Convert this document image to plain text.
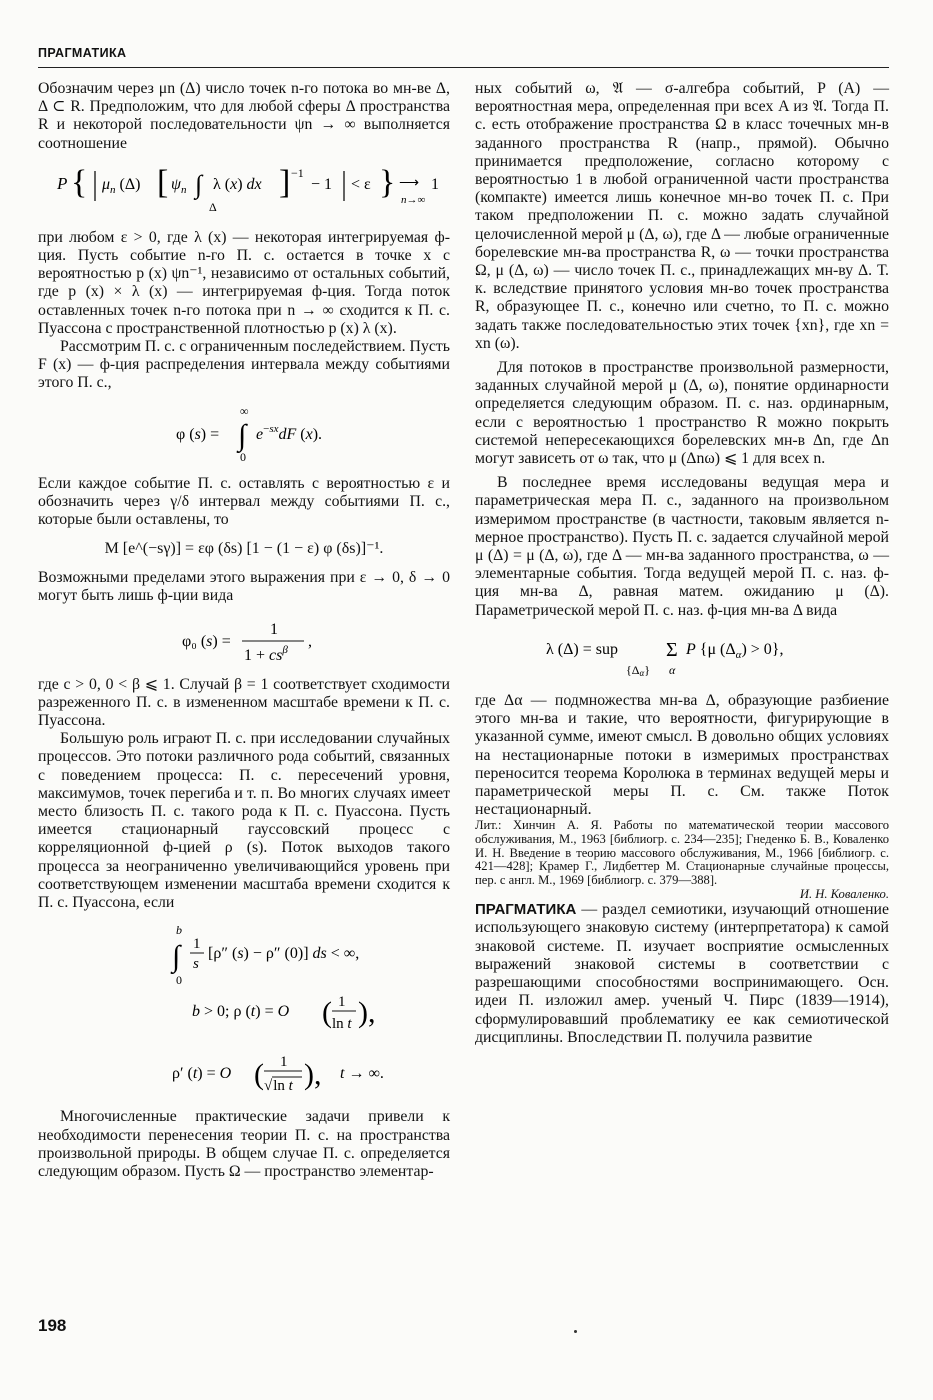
ПРАГМАТИКА

Обозначим через μn (Δ) число точек n-го потока во мн-ве Δ, Δ ⊂ R. Предположим, что для любой сферы Δ пространства R и некоторой последовательности ψn → ∞ выполняется соотношение

P { $\mu_n$ (Δ) [ $\psi_n$ ∫
Δ
λ (x) dx ] −1
− 1 < ε } ⟶
n→∞
1

при любом ε > 0, где λ (x) — некоторая интегрируемая ф-ция. Пусть событие n-го П. с. остается в точке x с вероятностью p (x) ψn⁻¹, независимо от остальных событий, где p (x) × λ (x) — интегрируемая ф-ция. Тогда поток оставленных точек n-го потока при n → ∞ сходится к П. с. Пуассона с пространственной плотностью p (x) λ (x).

Рассмотрим П. с. с ограниченным последействием. Пусть F (x) — ф-ция распределения интервала между событиями этого П. с.,

φ (s) =
∞
∫
0
$e^{-sx}dF$ (x).

Если каждое событие П. с. оставлять с вероятностью ε и обозначить через γ/δ интервал между событиями П. с., которые были оставлены, то

M [e^(−sγ)] = εφ (δs) [1 − (1 − ε) φ (δs)]⁻¹.

Возможными пределами этого выражения при ε → 0, δ → 0 могут быть лишь ф-ции вида

φ₀ (s) =
1
$1 + cs^\beta$ ,

где c > 0, 0 < β ⩽ 1. Случай β = 1 соответствует сходимости разреженного П. с. в измененном масштабе времени к П. с. Пуассона.

Большую роль играют П. с. при исследовании случайных процессов. Это потоки различного рода событий, связанных с поведением процесса: П. с. пересечений уровня, максимумов, точек перегиба и т. п. Во многих случаях имеет место близость П. с. такого рода к П. с. Пуассона. Пусть имеется стационарный гауссовский процесс с корреляционной ф-цией ρ (s). Поток выходов такого процесса за неограниченно увеличивающийся уровень при соответствующем изменении масштаба времени сходится к П. с. Пуассона, если

b
∫
0
1
s
[ρ″ (s) − ρ″ (0)] ds < ∞,
b > 0; ρ (t) = O ( 1
ln t ),
ρ′ (t) = O ( 1
√ln t ), t → ∞.

Многочисленные практические задачи привели к необходимости перенесения теории П. с. на пространства произвольной природы. В общем случае П. с. определяется следующим образом. Пусть Ω — пространство элементар-

ных событий ω, 𝔄 — σ-алгебра событий, P (A) — вероятностная мера, определенная при всех A из 𝔄. Тогда П. с. есть отображение пространства Ω в класс точечных мн-в заданного пространства R (напр., прямой). Обычно принимается предположение, согласно которому с вероятностью 1 в любой ограниченной части пространства (компакте) имеется лишь конечное мн-во точек П. с. При таком предположении П. с. можно задать случайной целочисленной мерой μ (Δ, ω), где Δ — любые ограниченные борелевские мн-ва пространства R, ω — точки пространства Ω, μ (Δ, ω) — число точек П. с., принадлежащих мн-ву Δ. Т. к. вследствие принятого условия мн-во точек пространства R, образующее П. с., конечно или счетно, то П. с. можно задать также последовательностью этих точек {xn}, где xn = xn (ω).

Для потоков в пространстве произвольной размерности, заданных случайной мерой μ (Δ, ω), понятие ординарности определяется следующим образом. П. с. наз. ординарным, если с вероятностью 1 пространство R можно покрыть системой непересекающихся борелевских мн-в Δn, где Δn могут зависеть от ω так, что μ (Δnω) ⩽ 1 для всех n.

В последнее время исследованы ведущая мера и параметрическая мера П. с., заданного на произвольном измеримом пространстве (в частности, таковым является n-мерное пространство). Пусть П. с. задается случайной мерой μ (Δ) = μ (Δ, ω), где Δ — мн-ва заданного пространства, ω — элементарные события. Тогда ведущей мерой П. с. наз. ф-ция мн-ва Δ, равная матем. ожиданию μ (Δ). Параметрической мерой П. с. наз. ф-ция мн-ва Δ вида

λ (Δ) = sup
{Δα}
Σ
α
P {μ $(\Delta_\alpha) > 0$},

где Δα — подмножества мн-ва Δ, образующие разбиение этого мн-ва и такие, что вероятности, фигурирующие в указанной сумме, имеют смысл. В довольно общих условиях на нестационарные потоки в измеримых пространствах переносится теорема Королюка в терминах ведущей меры и параметрической меры П. с. См. также Поток нестационарный.

Лит.: Хинчин А. Я. Работы по математической теории массового обслуживания, М., 1963 [библиогр. с. 234—235]; Гнеденко Б. В., Коваленко И. Н. Введение в теорию массового обслуживания, М., 1966 [библиогр. с. 421—428]; Крамер Г., Лидбеттер М. Стационарные случайные процессы, пер. с англ. М., 1969 [библиогр. с. 379—388].

И. Н. Коваленко.

ПРАГМАТИКА — раздел семиотики, изучающий отношение использующего знаковую систему (интерпретатора) к самой знаковой системе. П. изучает восприятие осмысленных выражений знаковой системы в соответствии с разрешающими способностями воспринимающего. Осн. идеи П. изложил амер. ученый Ч. Пирс (1839—1914), сформулировавший проблематику ее как семиотической дисциплины. Впоследствии П. получила развитие

198
